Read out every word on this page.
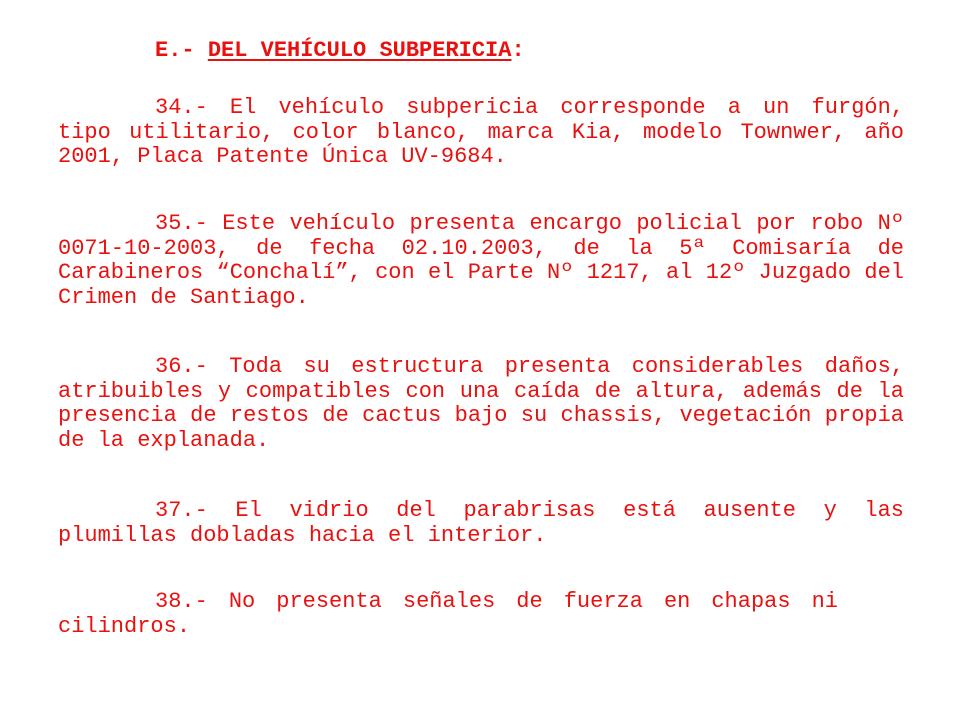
E.- DEL VEHÍCULO SUBPERICIA:

34.- El vehículo subpericia corresponde a un furgón, tipo utilitario, color blanco, marca Kia, modelo Townwer, año 2001, Placa Patente Única UV-9684.

35.- Este vehículo presenta encargo policial por robo Nº 0071-10-2003, de fecha 02.10.2003, de la 5ª Comisaría de Carabineros “Conchalí”, con el Parte Nº 1217, al 12º Juzgado del Crimen de Santiago.

36.- Toda su estructura presenta considerables daños, atribuibles y compatibles con una caída de altura, además de la presencia de restos de cactus bajo su chassis, vegetación propia de la explanada.

37.- El vidrio del parabrisas está ausente y las plumillas dobladas hacia el interior.

38.- No presenta señales de fuerza en chapas ni cilindros.
